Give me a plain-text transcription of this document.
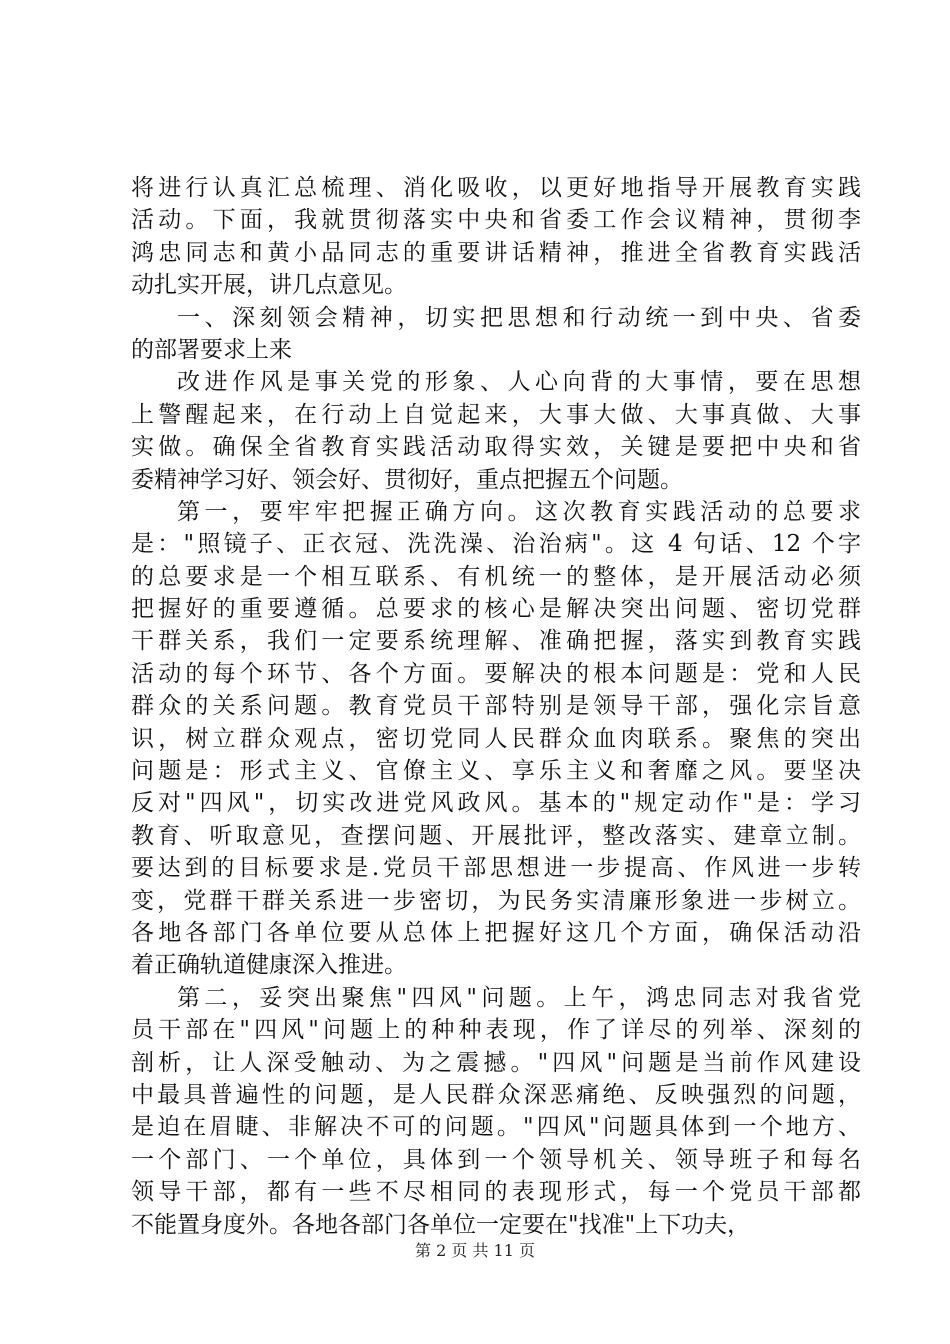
将进行认真汇总梳理、消化吸收，以更好地指导开展教育实践
活动。下面，我就贯彻落实中央和省委工作会议精神，贯彻李
鸿忠同志和黄小品同志的重要讲话精神，推进全省教育实践活
动扎实开展，讲几点意见。
一、深刻领会精神，切实把思想和行动统一到中央、省委
的部署要求上来
改进作风是事关党的形象、人心向背的大事情，要在思想
上警醒起来，在行动上自觉起来，大事大做、大事真做、大事
实做。确保全省教育实践活动取得实效，关键是要把中央和省
委精神学习好、领会好、贯彻好，重点把握五个问题。
第一，要牢牢把握正确方向。这次教育实践活动的总要求
是："照镜子、正衣冠、洗洗澡、治治病"。这 4 句话、12 个字
的总要求是一个相互联系、有机统一的整体，是开展活动必须
把握好的重要遵循。总要求的核心是解决突出问题、密切党群
干群关系，我们一定要系统理解、准确把握，落实到教育实践
活动的每个环节、各个方面。要解决的根本问题是：党和人民
群众的关系问题。教育党员干部特别是领导干部，强化宗旨意
识，树立群众观点，密切党同人民群众血肉联系。聚焦的突出
问题是：形式主义、官僚主义、享乐主义和奢靡之风。要坚决
反对"四风"，切实改进党风政风。基本的"规定动作"是：学习
教育、听取意见，查摆问题、开展批评，整改落实、建章立制。
要达到的目标要求是.党员干部思想进一步提高、作风进一步转
变，党群干群关系进一步密切，为民务实清廉形象进一步树立。
各地各部门各单位要从总体上把握好这几个方面，确保活动沿
着正确轨道健康深入推进。
第二，妥突出聚焦"四风"问题。上午，鸿忠同志对我省党
员干部在"四风"问题上的种种表现，作了详尽的列举、深刻的
剖析，让人深受触动、为之震撼。"四风"问题是当前作风建设
中最具普遍性的问题，是人民群众深恶痛绝、反映强烈的问题，
是迫在眉睫、非解决不可的问题。"四风"问题具体到一个地方、
一个部门、一个单位，具体到一个领导机关、领导班子和每名
领导干部，都有一些不尽相同的表现形式，每一个党员干部都
不能置身度外。各地各部门各单位一定要在"找准"上下功夫，
第 2 页 共 11 页
